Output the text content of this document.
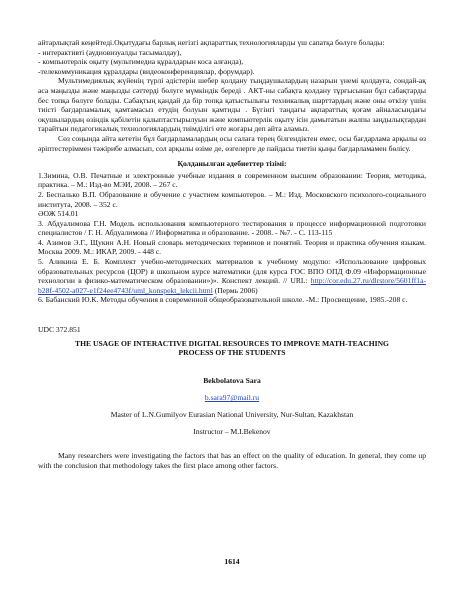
айтарлықтай кеңейтеді.Оқытудағы барлық негізгі ақпараттық технологияларды үш сапатқа бөлуге болады:

- интерактивті (аудиовизуалды тасымалдау),

- компьютерлік оқыту (мультимедиа құралдарын коса алғанда),

-телекоммуникация құралдары (видеоконференциялар, форумдар).

Мультимедиялық жүйенің түрлі әдістерін шебер қолдану тыңдаушылардың назарын үнемі қолдауға, сондай-ақ аса маңызды және маңызды сәттерді бөлуге мүмкіндік береді . АКТ-ны сабақта қолдану тұрғысынан бұл сабақтарды бес топқа бөлуге болады. Сабақтың қандай да бір топқа қатыстылығы техникалық шарттардың және оны өткізу үшін тиісті бағдарламалық қамтамасыз етудің болуын қамтиды . Бүгінгі таңдағы ақпараттық қоғам айналасындағы оқушылардың өзіндік қабілетін қалыптастырылуын және компьютерлік оқыту ісін дамытатын жалпы заңдылықтардан тарайтын педагогикалық технологиялардың тиімділігі өте жоғары деп айта аламыз.

Сөз соңында айта кететін бұл бағдарламалардың осы салаға терең білгендіктен емес, осы бағдарлама арқылы өз әріптестеріммен тәжірибе алмасып, сол арқылы өзіме де, өзгелерге де пайдасы тиетін қыңы бағдарламамен бөлісу.

Қолданылған әдебиеттер тізімі:

1.Зимина, О.В. Печатные и электронные учебные издания в современном высшем образовании: Теория, методика, практика. – М.: Изд-во МЭИ, 2008. – 267 с.

2. Беспалько В.П. Образование и обучение с участием компьютеров. – М.: Изд. Московского психолого-социального института, 2008. – 352 с.

ӘОЖ 514.01

3. Абдуалимова Г.Н. Модель использования компьютерного тестирования в процессе информационной подготовки специалистов / Г. Н. Абдуалимова // Информатика и образование. - 2008. - №7. - С. 113-115

4. Азимов Э.Г., Щукин А.Н. Новый словарь методических терминов и понятий. Теория и практика обучения языкам. Москва 2009. М.: ИКАР, 2009. - 448 с.

5. Аликина Е. Б. Комплект учебно-методических материалов к учебному модулю: «Использование цифровых образовательных ресурсов (ЦОР) в школьном курсе математики (для курса ГОС ВПО ОПД Ф.09 «Информационные технологии в физико-математическом образовании»)». Конспект лекций. // URL: http://cor.edu.27.ru/dlrstore/5601ff1a-b28f-4502-a027-e1f24ee4743f/uml_konspekt_lekcii.html (Пермь 2006)

6. Бабанский Ю.К. Методы обучения в современной общеобразовательной школе. -М.: Просвещение, 1985.-208 с.

UDC 372.851

THE USAGE OF INTERACTIVE DIGITAL RESOURCES TO IMPROVE MATH-TEACHING PROCESS OF THE STUDENTS

Bekbolatova Sara

b.sara97@mail.ru

Master of L.N.Gumilyov Eurasian National University, Nur-Sultan, Kazakhstan

Instructor – M.I.Bekenov

Many researchers were investigating the factors that has an effect on the quality of education. In general, they come up with the conclusion that methodology takes the first place among other factors.

1614
